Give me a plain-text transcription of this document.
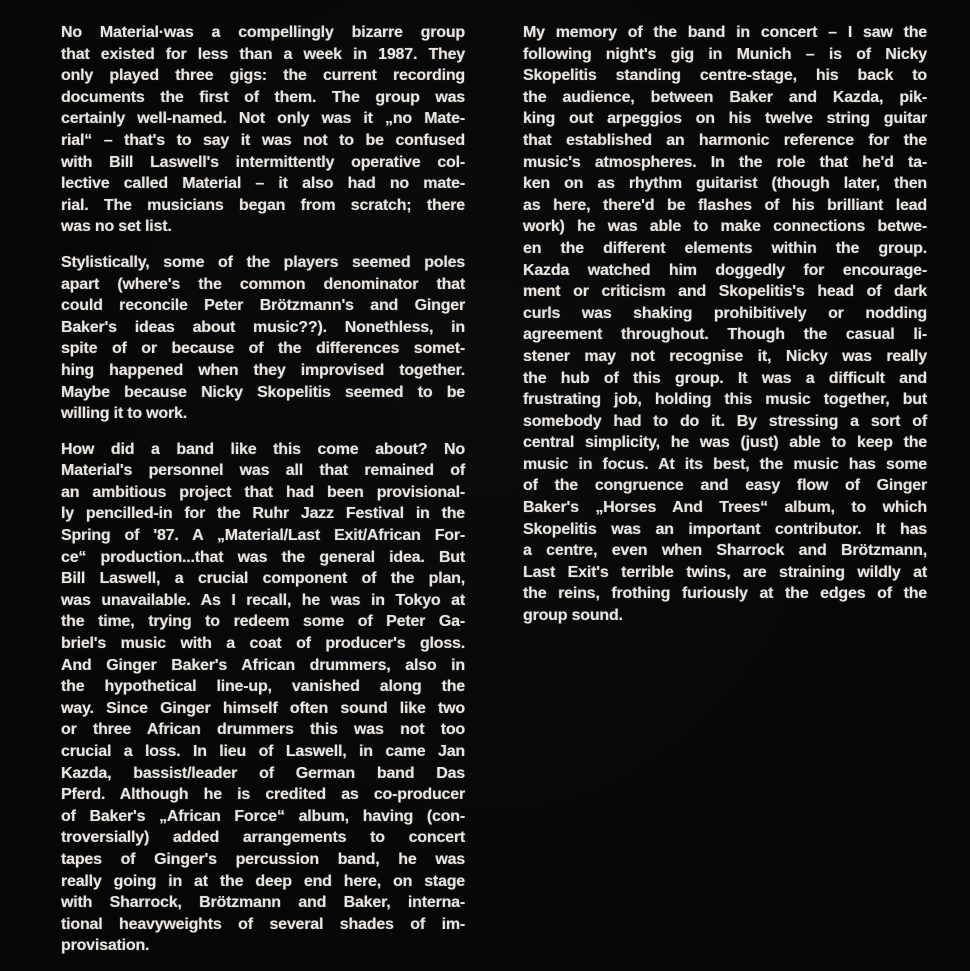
No Material·was a compellingly bizarre group
that existed for less than a week in 1987. They
only played three gigs: the current recording
documents the first of them. The group was
certainly well-named. Not only was it „no Mate-
rial“ – that's to say it was not to be confused
with Bill Laswell's intermittently operative col-
lective called Material – it also had no mate-
rial. The musicians began from scratch; there
was no set list.
Stylistically, some of the players seemed poles
apart (where's the common denominator that
could reconcile Peter Brötzmann's and Ginger
Baker's ideas about music??). Nonethless, in
spite of or because of the differences somet-
hing happened when they improvised together.
Maybe because Nicky Skopelitis seemed to be
willing it to work.
How did a band like this come about? No
Material's personnel was all that remained of
an ambitious project that had been provisional-
ly pencilled-in for the Ruhr Jazz Festival in the
Spring of '87. A „Material/Last Exit/African For-
ce“ production...that was the general idea. But
Bill Laswell, a crucial component of the plan,
was unavailable. As I recall, he was in Tokyo at
the time, trying to redeem some of Peter Ga-
briel's music with a coat of producer's gloss.
And Ginger Baker's African drummers, also in
the hypothetical line-up, vanished along the
way. Since Ginger himself often sound like two
or three African drummers this was not too
crucial a loss. In lieu of Laswell, in came Jan
Kazda, bassist/leader of German band Das
Pferd. Although he is credited as co-producer
of Baker's „African Force“ album, having (con-
troversially) added arrangements to concert
tapes of Ginger's percussion band, he was
really going in at the deep end here, on stage
with Sharrock, Brötzmann and Baker, interna-
tional heavyweights of several shades of im-
provisation.
My memory of the band in concert – I saw the
following night's gig in Munich – is of Nicky
Skopelitis standing centre-stage, his back to
the audience, between Baker and Kazda, pik-
king out arpeggios on his twelve string guitar
that established an harmonic reference for the
music's atmospheres. In the role that he'd ta-
ken on as rhythm guitarist (though later, then
as here, there'd be flashes of his brilliant lead
work) he was able to make connections betwe-
en the different elements within the group.
Kazda watched him doggedly for encourage-
ment or criticism and Skopelitis's head of dark
curls was shaking prohibitively or nodding
agreement throughout. Though the casual li-
stener may not recognise it, Nicky was really
the hub of this group. It was a difficult and
frustrating job, holding this music together, but
somebody had to do it. By stressing a sort of
central simplicity, he was (just) able to keep the
music in focus. At its best, the music has some
of the congruence and easy flow of Ginger
Baker's „Horses And Trees“ album, to which
Skopelitis was an important contributor. It has
a centre, even when Sharrock and Brötzmann,
Last Exit's terrible twins, are straining wildly at
the reins, frothing furiously at the edges of the
group sound.
